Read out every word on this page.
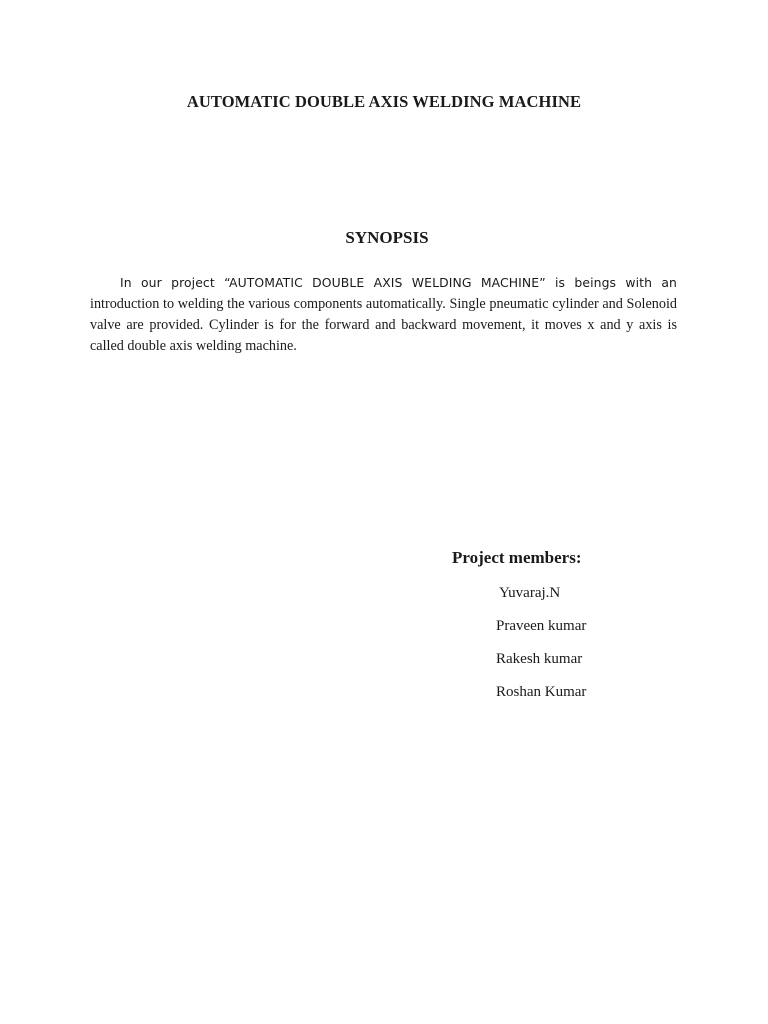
AUTOMATIC DOUBLE AXIS WELDING MACHINE
SYNOPSIS

In our project “AUTOMATIC DOUBLE AXIS WELDING MACHINE” is beings with an
introduction to welding the various components automatically. Single pneumatic cylinder and Solenoid valve are provided. Cylinder is for the forward and backward movement, it moves x and y axis is called double axis welding machine.

Project members:
Yuvaraj.N
Praveen kumar
Rakesh kumar
Roshan Kumar
